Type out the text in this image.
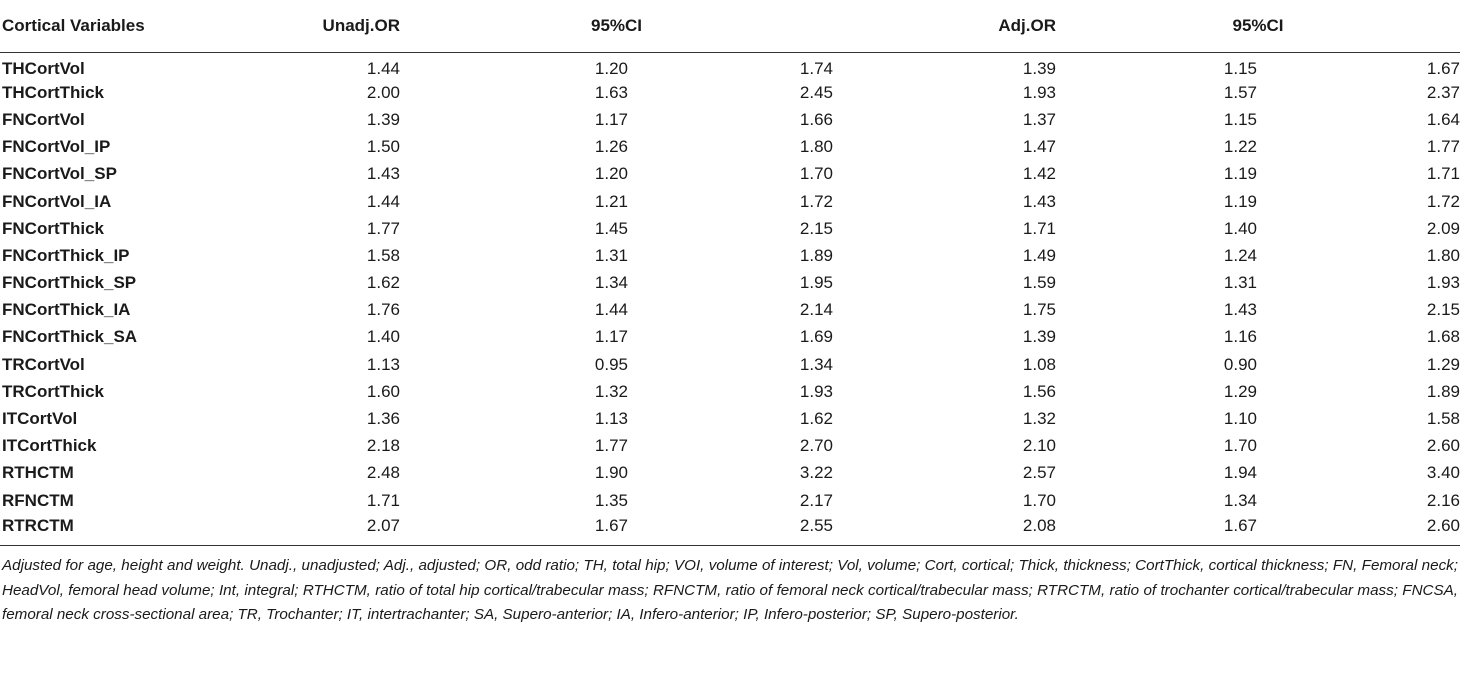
Cortical Variables	Unadj.OR	95%CI		Adj.OR	95%CI	
THCortVol	1.44	1.20	1.74	1.39	1.15	1.67
THCortThick	2.00	1.63	2.45	1.93	1.57	2.37
FNCortVol	1.39	1.17	1.66	1.37	1.15	1.64
FNCortVol_IP	1.50	1.26	1.80	1.47	1.22	1.77
FNCortVol_SP	1.43	1.20	1.70	1.42	1.19	1.71
FNCortVol_IA	1.44	1.21	1.72	1.43	1.19	1.72
FNCortThick	1.77	1.45	2.15	1.71	1.40	2.09
FNCortThick_IP	1.58	1.31	1.89	1.49	1.24	1.80
FNCortThick_SP	1.62	1.34	1.95	1.59	1.31	1.93
FNCortThick_IA	1.76	1.44	2.14	1.75	1.43	2.15
FNCortThick_SA	1.40	1.17	1.69	1.39	1.16	1.68
TRCortVol	1.13	0.95	1.34	1.08	0.90	1.29
TRCortThick	1.60	1.32	1.93	1.56	1.29	1.89
ITCortVol	1.36	1.13	1.62	1.32	1.10	1.58
ITCortThick	2.18	1.77	2.70	2.10	1.70	2.60
RTHCTM	2.48	1.90	3.22	2.57	1.94	3.40
RFNCTM	1.71	1.35	2.17	1.70	1.34	2.16
RTRCTM	2.07	1.67	2.55	2.08	1.67	2.60
Adjusted for age, height and weight. Unadj., unadjusted; Adj., adjusted; OR, odd ratio; TH, total hip; VOI, volume of interest; Vol, volume; Cort, cortical; Thick, thickness; CortThick, cortical thickness; FN, Femoral neck; HeadVol, femoral head volume; Int, integral; RTHCTM, ratio of total hip cortical/trabecular mass; RFNCTM, ratio of femoral neck cortical/trabecular mass; RTRCTM, ratio of trochanter cortical/trabecular mass; FNCSA, femoral neck cross-sectional area; TR, Trochanter; IT, intertrachanter; SA, Supero-anterior; IA, Infero-anterior; IP, Infero-posterior; SP, Supero-posterior.
